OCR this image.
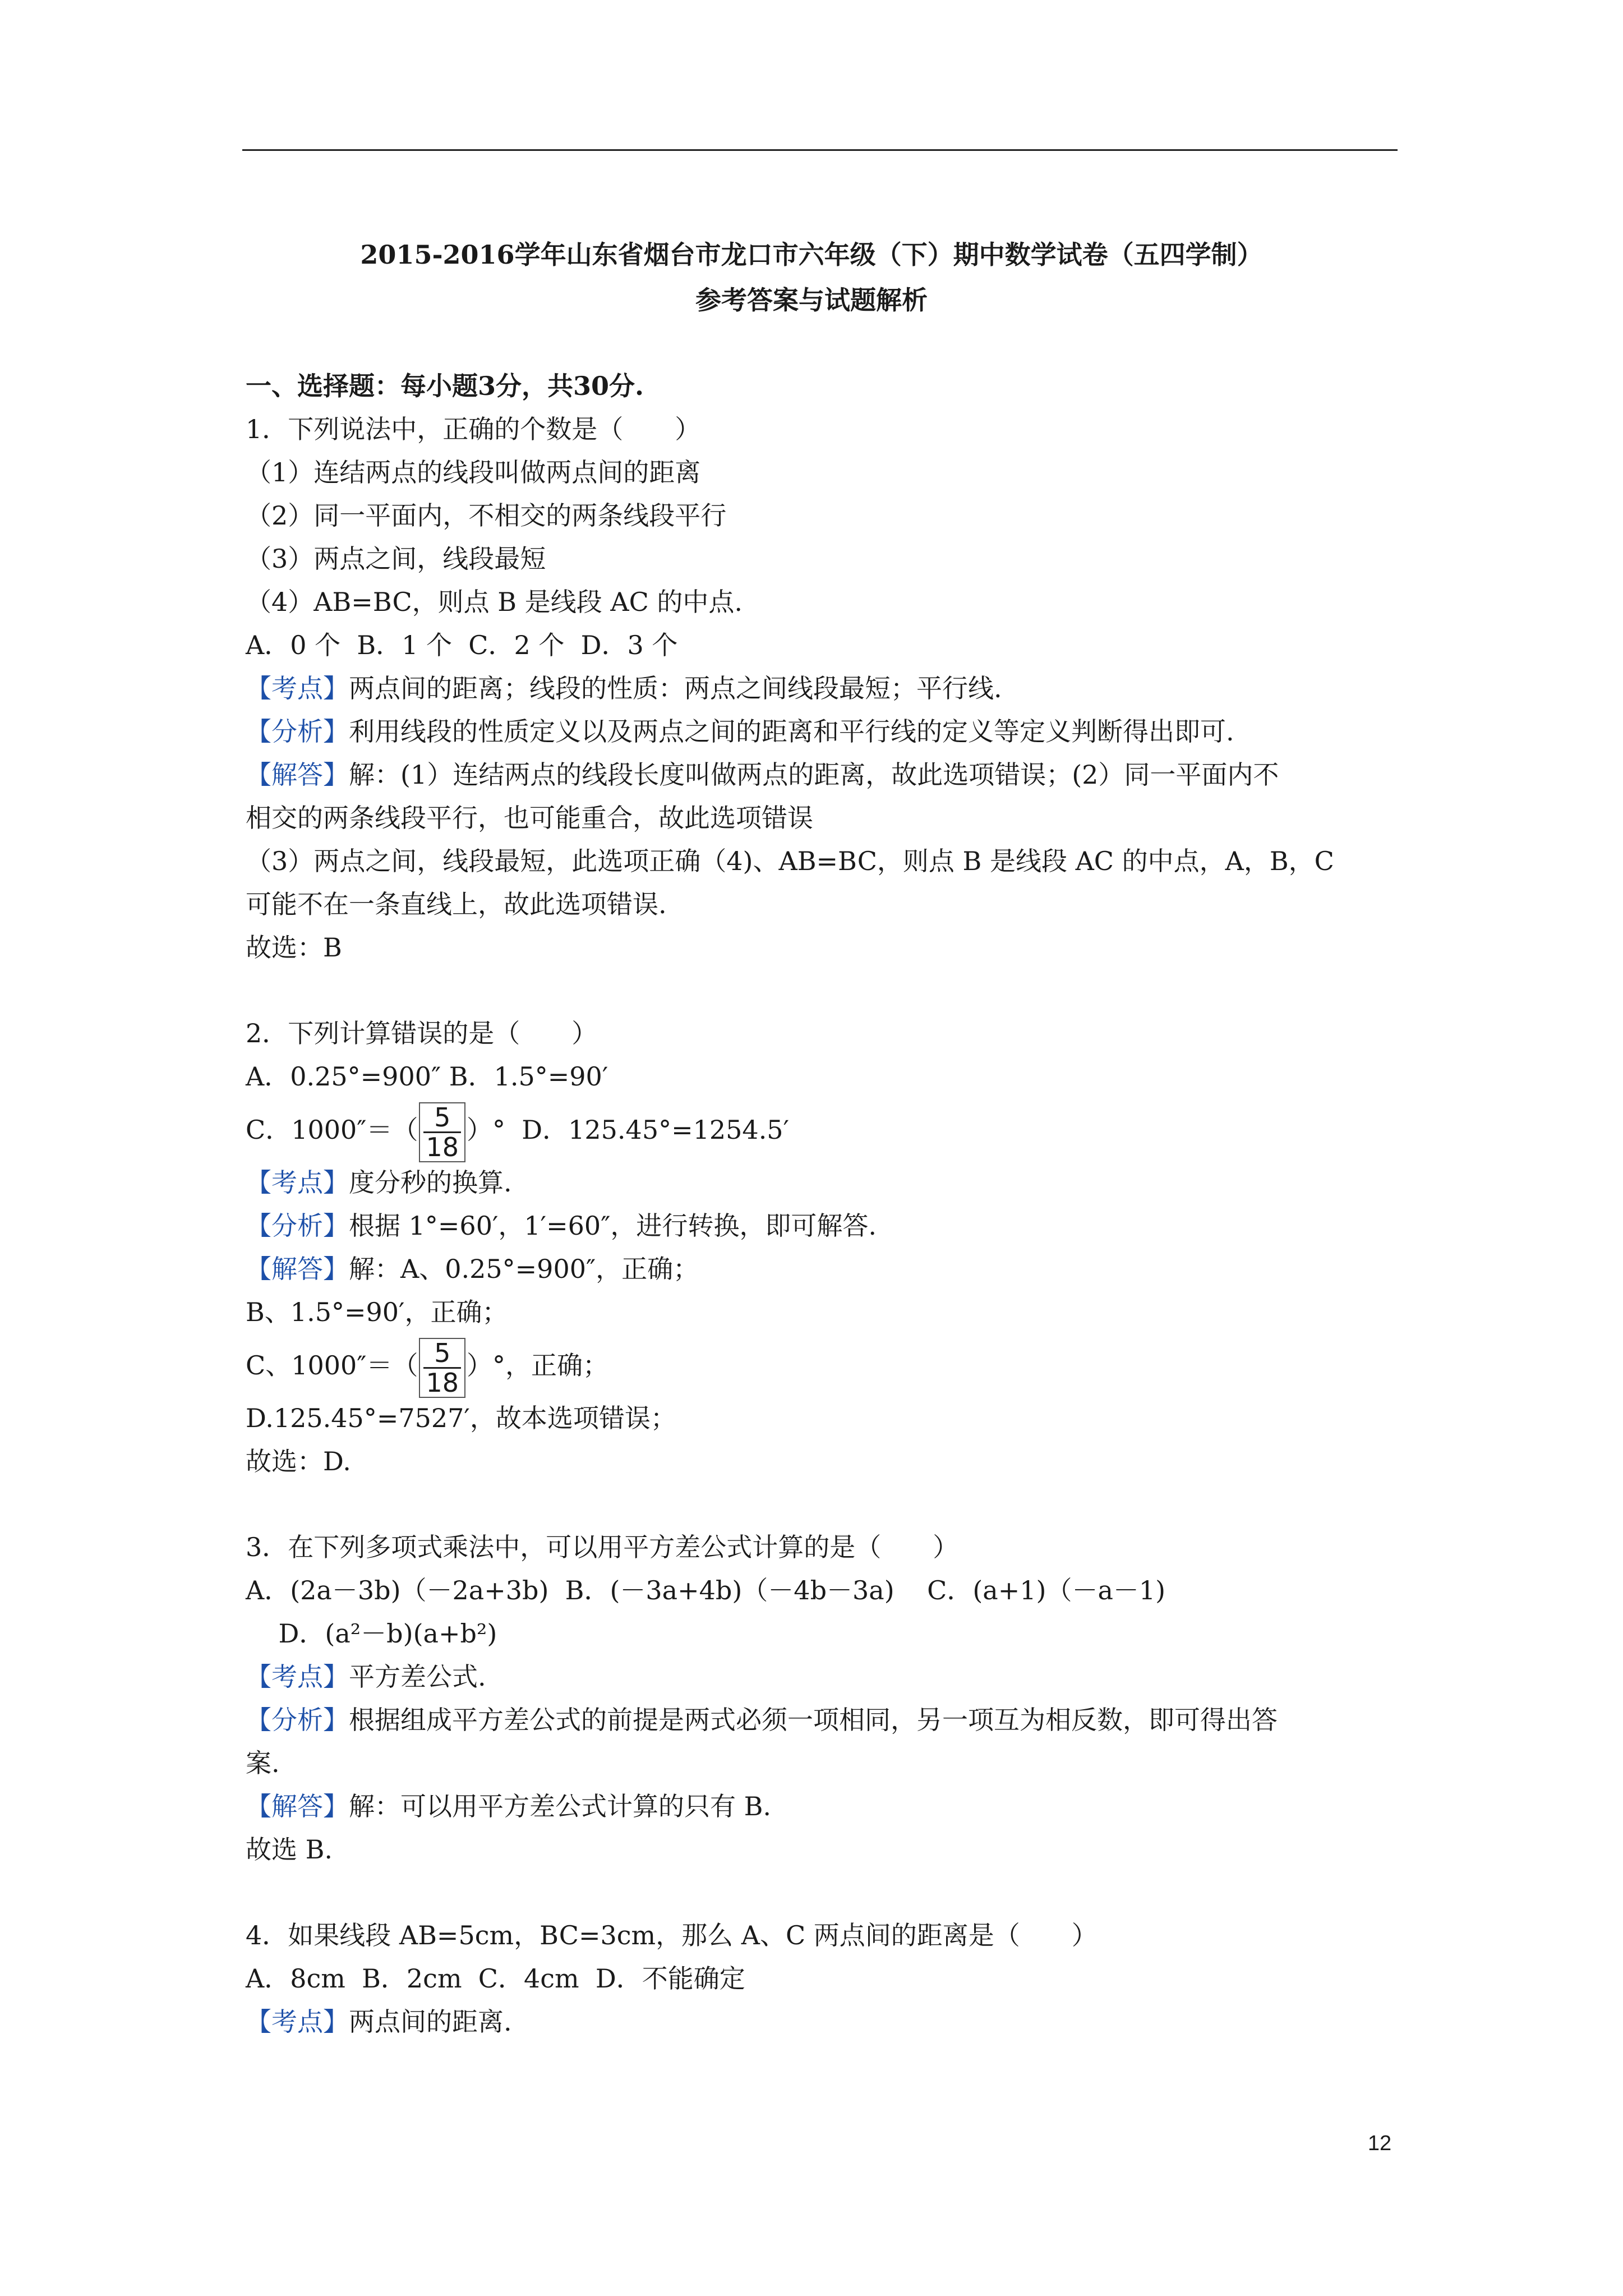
2015-2016学年山东省烟台市龙口市六年级（下）期中数学试卷（五四学制）
参考答案与试题解析
一、选择题：每小题3分，共30分.
1．下列说法中，正确的个数是（　　）
（1）连结两点的线段叫做两点间的距离
（2）同一平面内，不相交的两条线段平行
（3）两点之间，线段最短
（4）AB=BC，则点 B 是线段 AC 的中点.
A．0 个  B．1 个  C．2 个  D．3 个
【考点】两点间的距离；线段的性质：两点之间线段最短；平行线.
【分析】利用线段的性质定义以及两点之间的距离和平行线的定义等定义判断得出即可.
【解答】解：(1）连结两点的线段长度叫做两点的距离，故此选项错误；(2）同一平面内不
相交的两条线段平行，也可能重合，故此选项错误
（3）两点之间，线段最短，此选项正确（4)、AB=BC，则点 B 是线段 AC 的中点，A，B，C
可能不在一条直线上，故此选项错误.
故选：B
2．下列计算错误的是（　　）
A．0.25°=900″ B．1.5°=90′
C．$1000''=( \frac{5}{18}$ ）°  D．125.45°=1254.5′
【考点】度分秒的换算.
【分析】根据 1°=60′，1′=60″，进行转换，即可解答.
【解答】解：A、0.25°=900″，正确；
B、1.5°=90′，正确；
C、$1000''=( \frac{5}{18}$ ）°，正确；
D.125.45°=7527′，故本选项错误；
故选：D.
3．在下列多项式乘法中，可以用平方差公式计算的是（　　）
A．(2a－3b)（－2a+3b)  B．(－3a+4b)（－4b－3a)    C．(a+1)（－a－1)
D．(a²－b)(a+b²)
【考点】平方差公式.
【分析】根据组成平方差公式的前提是两式必须一项相同，另一项互为相反数，即可得出答
案.
【解答】解：可以用平方差公式计算的只有 B.
故选 B.
4．如果线段 AB=5cm，BC=3cm，那么 A、C 两点间的距离是（　　）
A．8cm  B．2cm  C．4cm  D．不能确定
【考点】两点间的距离.
12
